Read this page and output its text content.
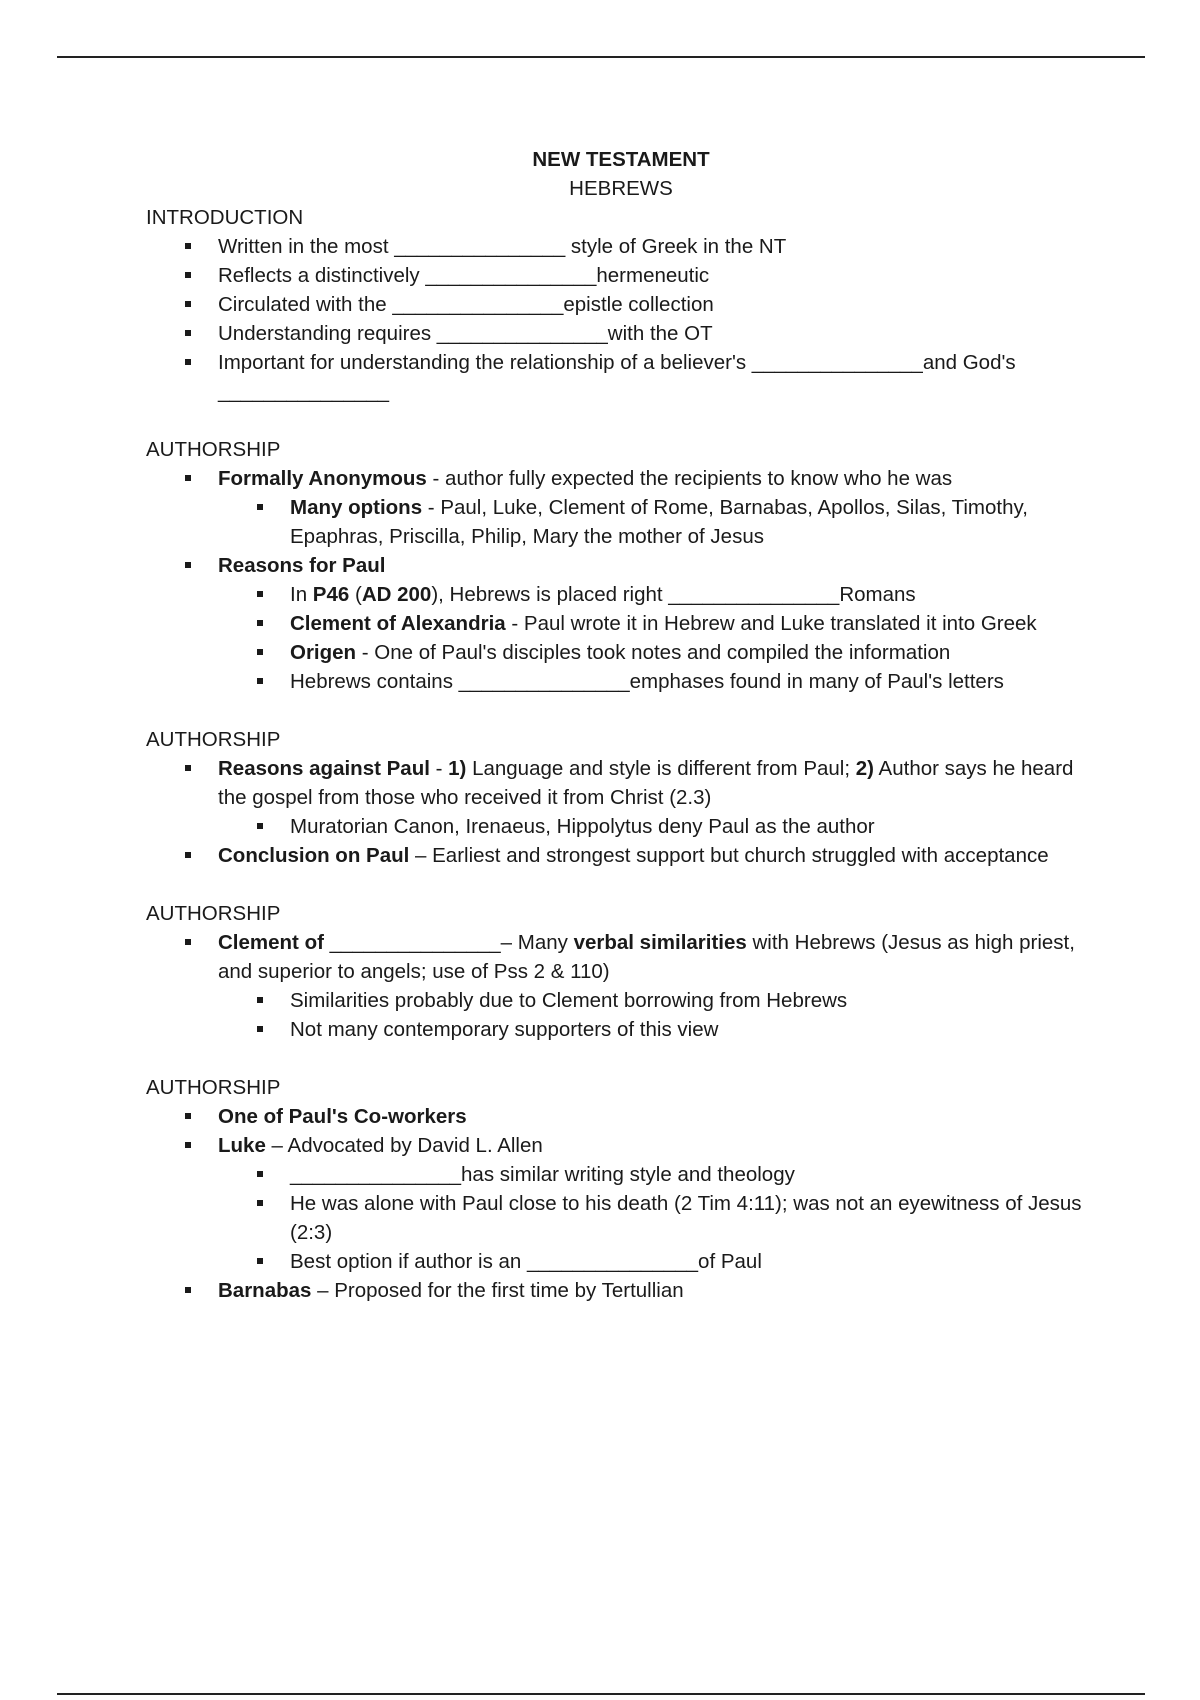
NEW TESTAMENT
HEBREWS
INTRODUCTION
Written in the most _______________ style of Greek in the NT
Reflects a distinctively _______________hermeneutic
Circulated with the _______________epistle collection
Understanding requires _______________with the OT
Important for understanding the relationship of a believer's _______________and God's _______________
AUTHORSHIP
Formally Anonymous - author fully expected the recipients to know who he was
Many options - Paul, Luke, Clement of Rome, Barnabas, Apollos, Silas, Timothy, Epaphras, Priscilla, Philip, Mary the mother of Jesus
Reasons for Paul
In P46 (AD 200), Hebrews is placed right _______________Romans
Clement of Alexandria - Paul wrote it in Hebrew and Luke translated it into Greek
Origen - One of Paul's disciples took notes and compiled the information
Hebrews contains _______________emphases found in many of Paul's letters
AUTHORSHIP
Reasons against Paul - 1) Language and style is different from Paul; 2) Author says he heard the gospel from those who received it from Christ (2.3)
Muratorian Canon, Irenaeus, Hippolytus deny Paul as the author
Conclusion on Paul – Earliest and strongest support but church struggled with acceptance
AUTHORSHIP
Clement of _______________– Many verbal similarities with Hebrews (Jesus as high priest, and superior to angels; use of Pss 2 & 110)
Similarities probably due to Clement borrowing from Hebrews
Not many contemporary supporters of this view
AUTHORSHIP
One of Paul's Co-workers
Luke – Advocated by David L. Allen
_______________has similar writing style and theology
He was alone with Paul close to his death (2 Tim 4:11); was not an eyewitness of Jesus (2:3)
Best option if author is an _______________of Paul
Barnabas – Proposed for the first time by Tertullian
